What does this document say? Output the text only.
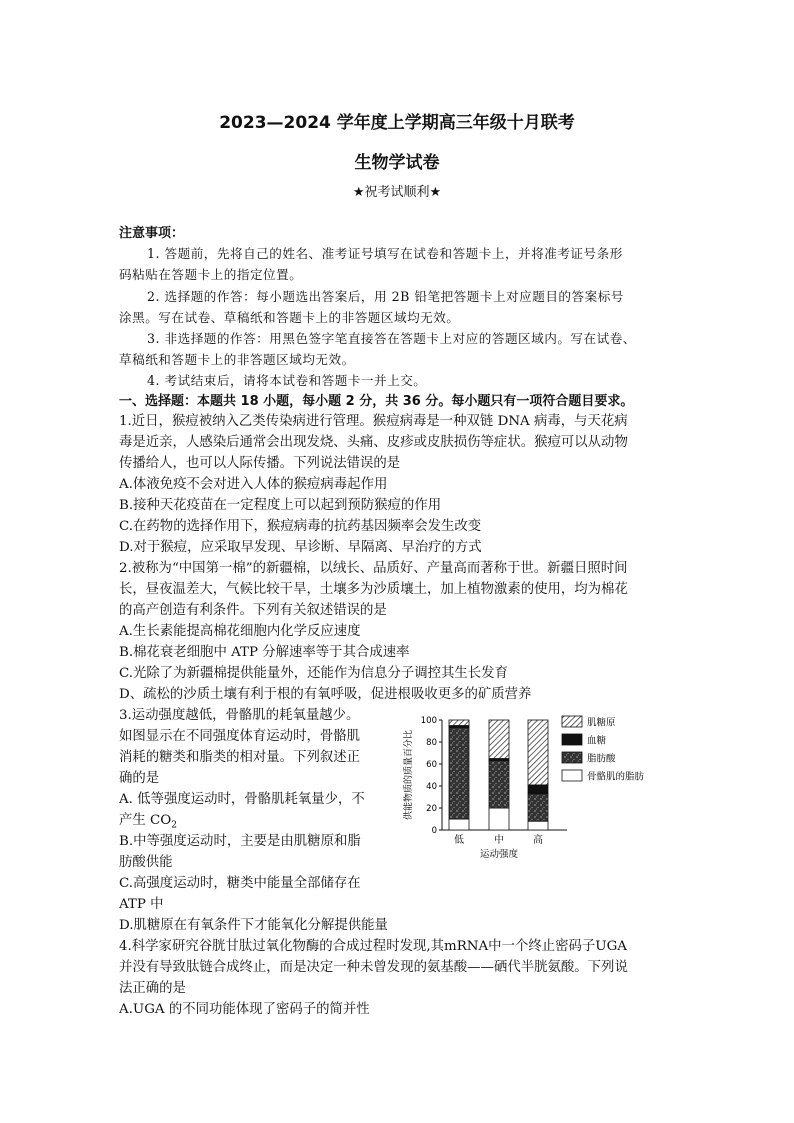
2023—2024 学年度上学期高三年级十月联考
生物学试卷
★祝考试顺利★
注意事项：
1. 答题前，先将自己的姓名、准考证号填写在试卷和答题卡上，并将准考证号条形
码粘贴在答题卡上的指定位置。
2. 选择题的作答：每小题选出答案后，用 2B 铅笔把答题卡上对应题目的答案标号
涂黑。写在试卷、草稿纸和答题卡上的非答题区域均无效。
3. 非选择题的作答：用黑色签字笔直接答在答题卡上对应的答题区域内。写在试卷、
草稿纸和答题卡上的非答题区域均无效。
4. 考试结束后，请将本试卷和答题卡一并上交。
一、选择题：本题共 18 小题，每小题 2 分，共 36 分。每小题只有一项符合题目要求。
1.近日，猴痘被纳入乙类传染病进行管理。猴痘病毒是一种双链 DNA 病毒，与天花病
毒是近亲，人感染后通常会出现发烧、头痛、皮疹或皮肤损伤等症状。猴痘可以从动物
传播给人，也可以人际传播。下列说法错误的是
A.体液免疫不会对进入人体的猴痘病毒起作用
B.接种天花疫苗在一定程度上可以起到预防猴痘的作用
C.在药物的选择作用下，猴痘病毒的抗药基因频率会发生改变
D.对于猴痘，应采取早发现、早诊断、早隔离、早治疗的方式
2.被称为“中国第一棉”的新疆棉，以绒长、品质好、产量高而著称于世。新疆日照时间
长，昼夜温差大，气候比较干旱，土壤多为沙质壤土，加上植物激素的使用，均为棉花
的高产创造有利条件。下列有关叙述错误的是
A.生长素能提高棉花细胞内化学反应速度
B.棉花衰老细胞中 ATP 分解速率等于其合成速率
C.光除了为新疆棉提供能量外，还能作为信息分子调控其生长发育
D、疏松的沙质土壤有利于根的有氧呼吸，促进根吸收更多的矿质营养
3.运动强度越低，骨骼肌的耗氧量越少。
如图显示在不同强度体育运动时，骨骼肌
消耗的糖类和脂类的相对量。下列叙述正
确的是
A. 低等强度运动时，骨骼肌耗氧量少，不
产生 $CO_2$
B.中等强度运动时，主要是由肌糖原和脂
肪酸供能
C.高强度运动时，糖类中能量全部储存在
ATP 中
D.肌糖原在有氧条件下才能氧化分解提供能量
4.科学家研究谷胱甘肽过氧化物酶的合成过程时发现,其mRNA中一个终止密码子UGA
并没有导致肽链合成终止，而是决定一种未曾发现的氨基酸——硒代半胱氨酸。下列说
法正确的是
A.UGA 的不同功能体现了密码子的简并性
供能物质的质量百分比
0
20
40
60
80
100
低	中	高
运动强度
肌糖原
血糖
脂肪酸
骨骼肌的脂肪
